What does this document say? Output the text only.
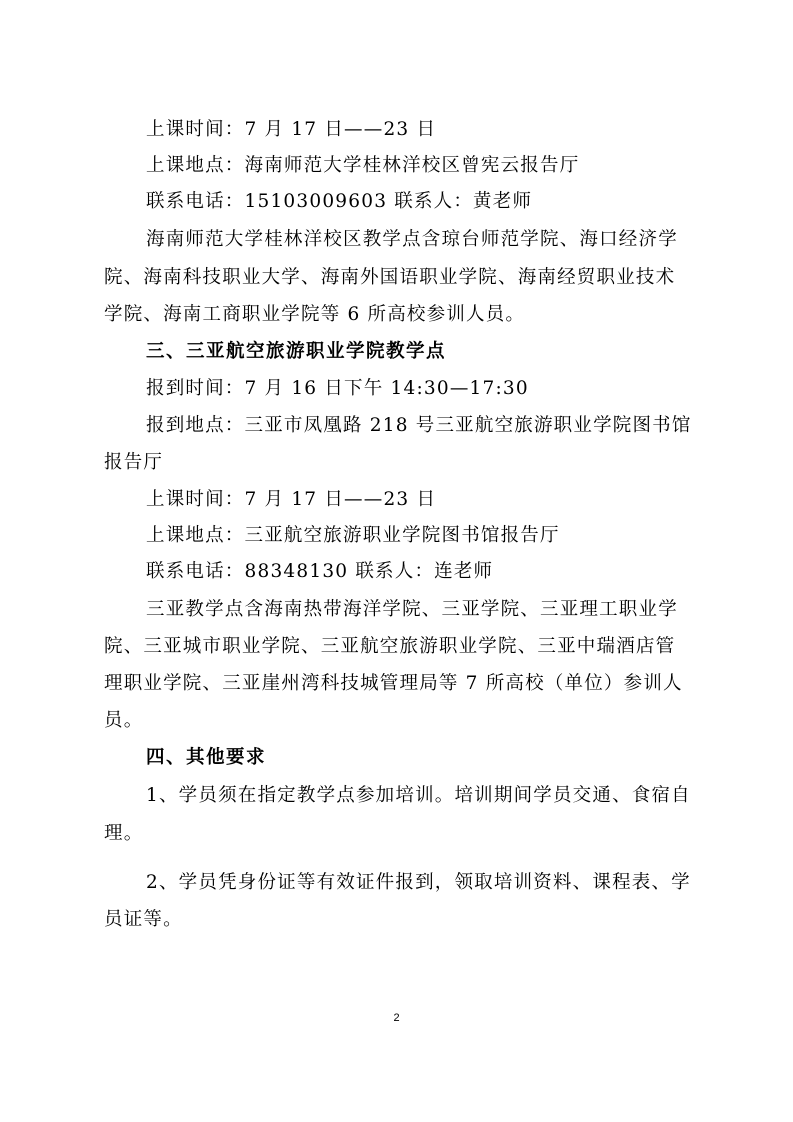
上课时间：7 月 17 日——23 日
上课地点：海南师范大学桂林洋校区曾宪云报告厅
联系电话：15103009603 联系人：黄老师
海南师范大学桂林洋校区教学点含琼台师范学院、海口经济学
院、海南科技职业大学、海南外国语职业学院、海南经贸职业技术
学院、海南工商职业学院等 6 所高校参训人员。
三、三亚航空旅游职业学院教学点
报到时间：7 月 16 日下午 14:30—17:30
报到地点：三亚市凤凰路 218 号三亚航空旅游职业学院图书馆
报告厅
上课时间：7 月 17 日——23 日
上课地点：三亚航空旅游职业学院图书馆报告厅
联系电话：88348130 联系人：连老师
三亚教学点含海南热带海洋学院、三亚学院、三亚理工职业学
院、三亚城市职业学院、三亚航空旅游职业学院、三亚中瑞酒店管
理职业学院、三亚崖州湾科技城管理局等 7 所高校（单位）参训人
员。
四、其他要求
1、学员须在指定教学点参加培训。培训期间学员交通、食宿自
理。
2、学员凭身份证等有效证件报到，领取培训资料、课程表、学
员证等。
2
